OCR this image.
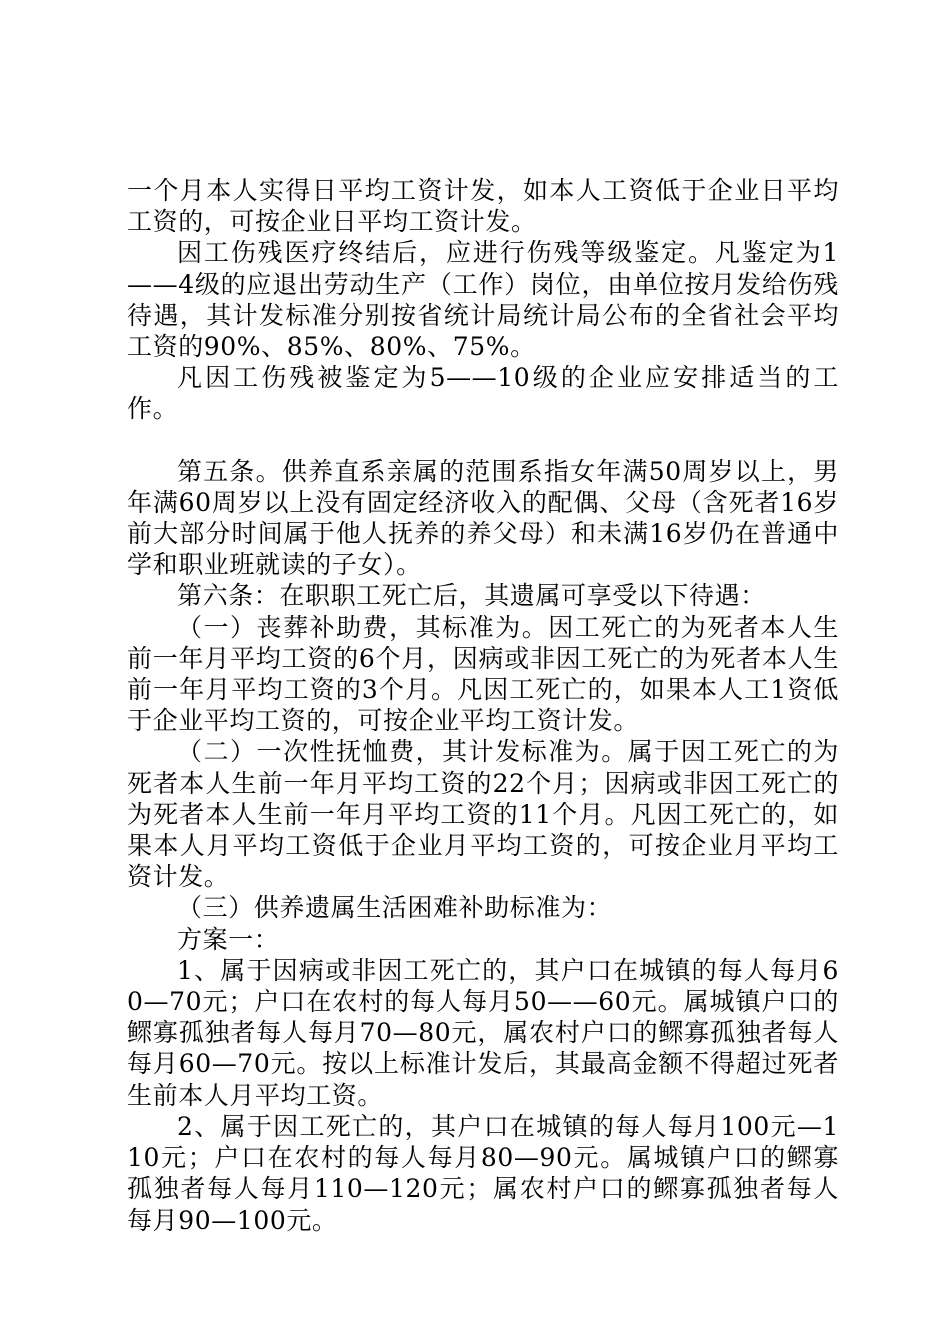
一个月本人实得日平均工资计发，如本人工资低于企业日平均工资的，可按企业日平均工资计发。

因工伤残医疗终结后，应进行伤残等级鉴定。凡鉴定为1——4级的应退出劳动生产（工作）岗位，由单位按月发给伤残待遇，其计发标准分别按省统计局统计局公布的全省社会平均工资的90%、85%、80%、75%。

凡因工伤残被鉴定为5——10级的企业应安排适当的工作。

第五条。供养直系亲属的范围系指女年满50周岁以上，男年满60周岁以上没有固定经济收入的配偶、父母（含死者16岁前大部分时间属于他人抚养的养父母）和未满16岁仍在普通中学和职业班就读的子女）。

第六条：在职职工死亡后，其遗属可享受以下待遇：

（一）丧葬补助费，其标准为。因工死亡的为死者本人生前一年月平均工资的6个月，因病或非因工死亡的为死者本人生前一年月平均工资的3个月。凡因工死亡的，如果本人工1资低于企业平均工资的，可按企业平均工资计发。

（二）一次性抚恤费，其计发标准为。属于因工死亡的为死者本人生前一年月平均工资的22个月；因病或非因工死亡的为死者本人生前一年月平均工资的11个月。凡因工死亡的，如果本人月平均工资低于企业月平均工资的，可按企业月平均工资计发。

（三）供养遗属生活困难补助标准为：

方案一：

1、属于因病或非因工死亡的，其户口在城镇的每人每月60—70元；户口在农村的每人每月50——60元。属城镇户口的鳏寡孤独者每人每月70—80元，属农村户口的鳏寡孤独者每人每月60—70元。按以上标准计发后，其最高金额不得超过死者生前本人月平均工资。

2、属于因工死亡的，其户口在城镇的每人每月100元—110元；户口在农村的每人每月80—90元。属城镇户口的鳏寡孤独者每人每月110—120元；属农村户口的鳏寡孤独者每人每月90—100元。
